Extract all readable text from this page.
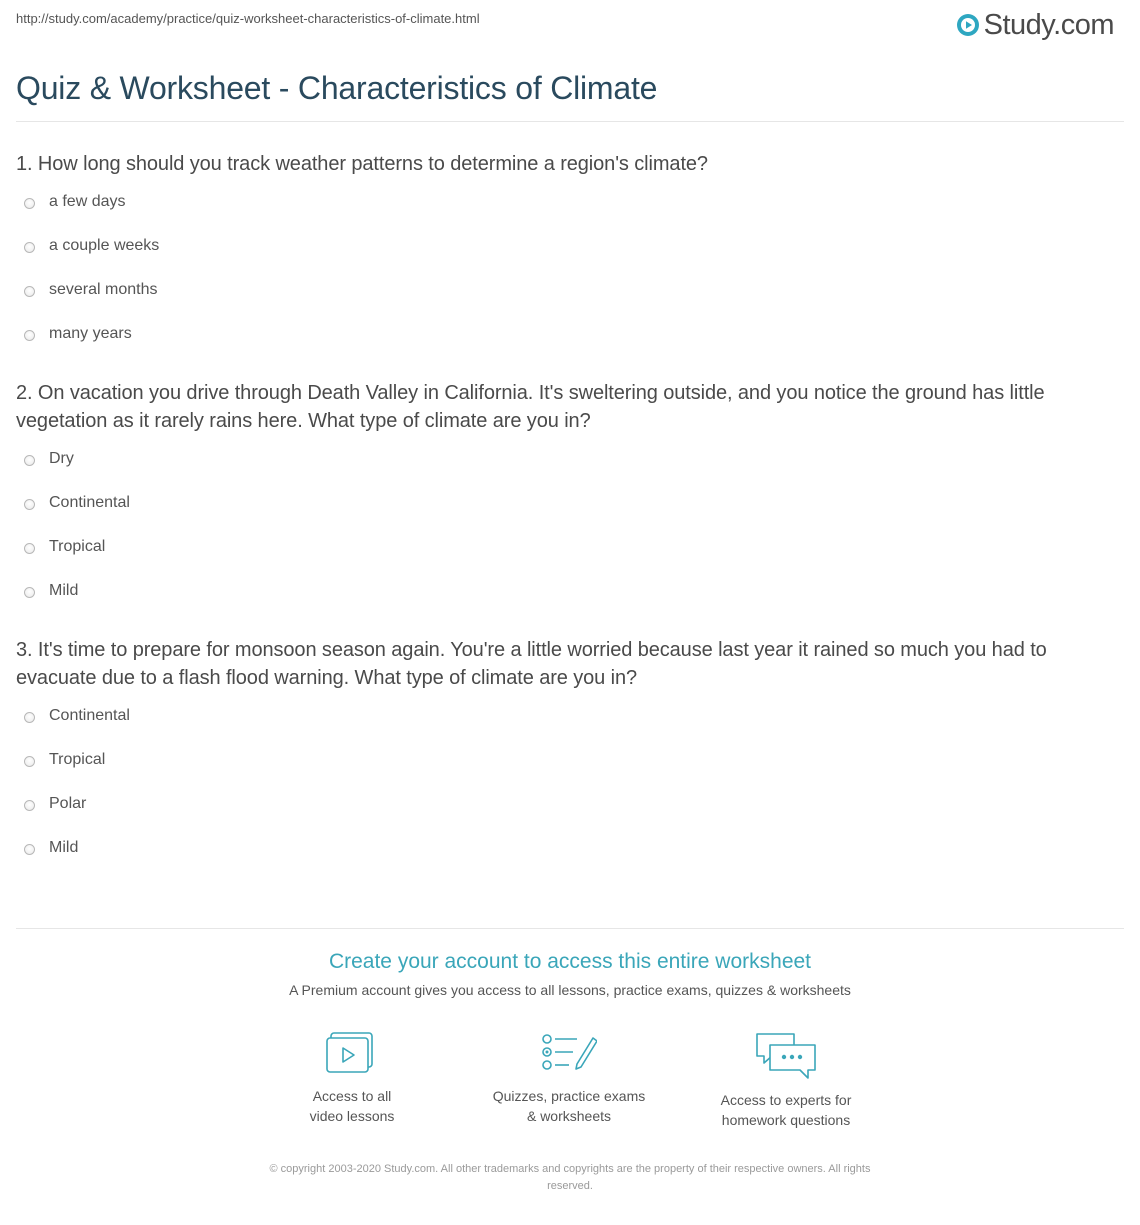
http://study.com/academy/practice/quiz-worksheet-characteristics-of-climate.html	Study.com
Quiz & Worksheet - Characteristics of Climate
1. How long should you track weather patterns to determine a region's climate?
a few days
a couple weeks
several months
many years
2. On vacation you drive through Death Valley in California. It's sweltering outside, and you notice the ground has little vegetation as it rarely rains here. What type of climate are you in?
Dry
Continental
Tropical
Mild
3. It's time to prepare for monsoon season again. You're a little worried because last year it rained so much you had to evacuate due to a flash flood warning. What type of climate are you in?
Continental
Tropical
Polar
Mild
Create your account to access this entire worksheet
A Premium account gives you access to all lessons, practice exams, quizzes & worksheets
Access to all
video lessons
Quizzes, practice exams
& worksheets
Access to experts for
homework questions
© copyright 2003-2020 Study.com. All other trademarks and copyrights are the property of their respective owners. All rights
reserved.
